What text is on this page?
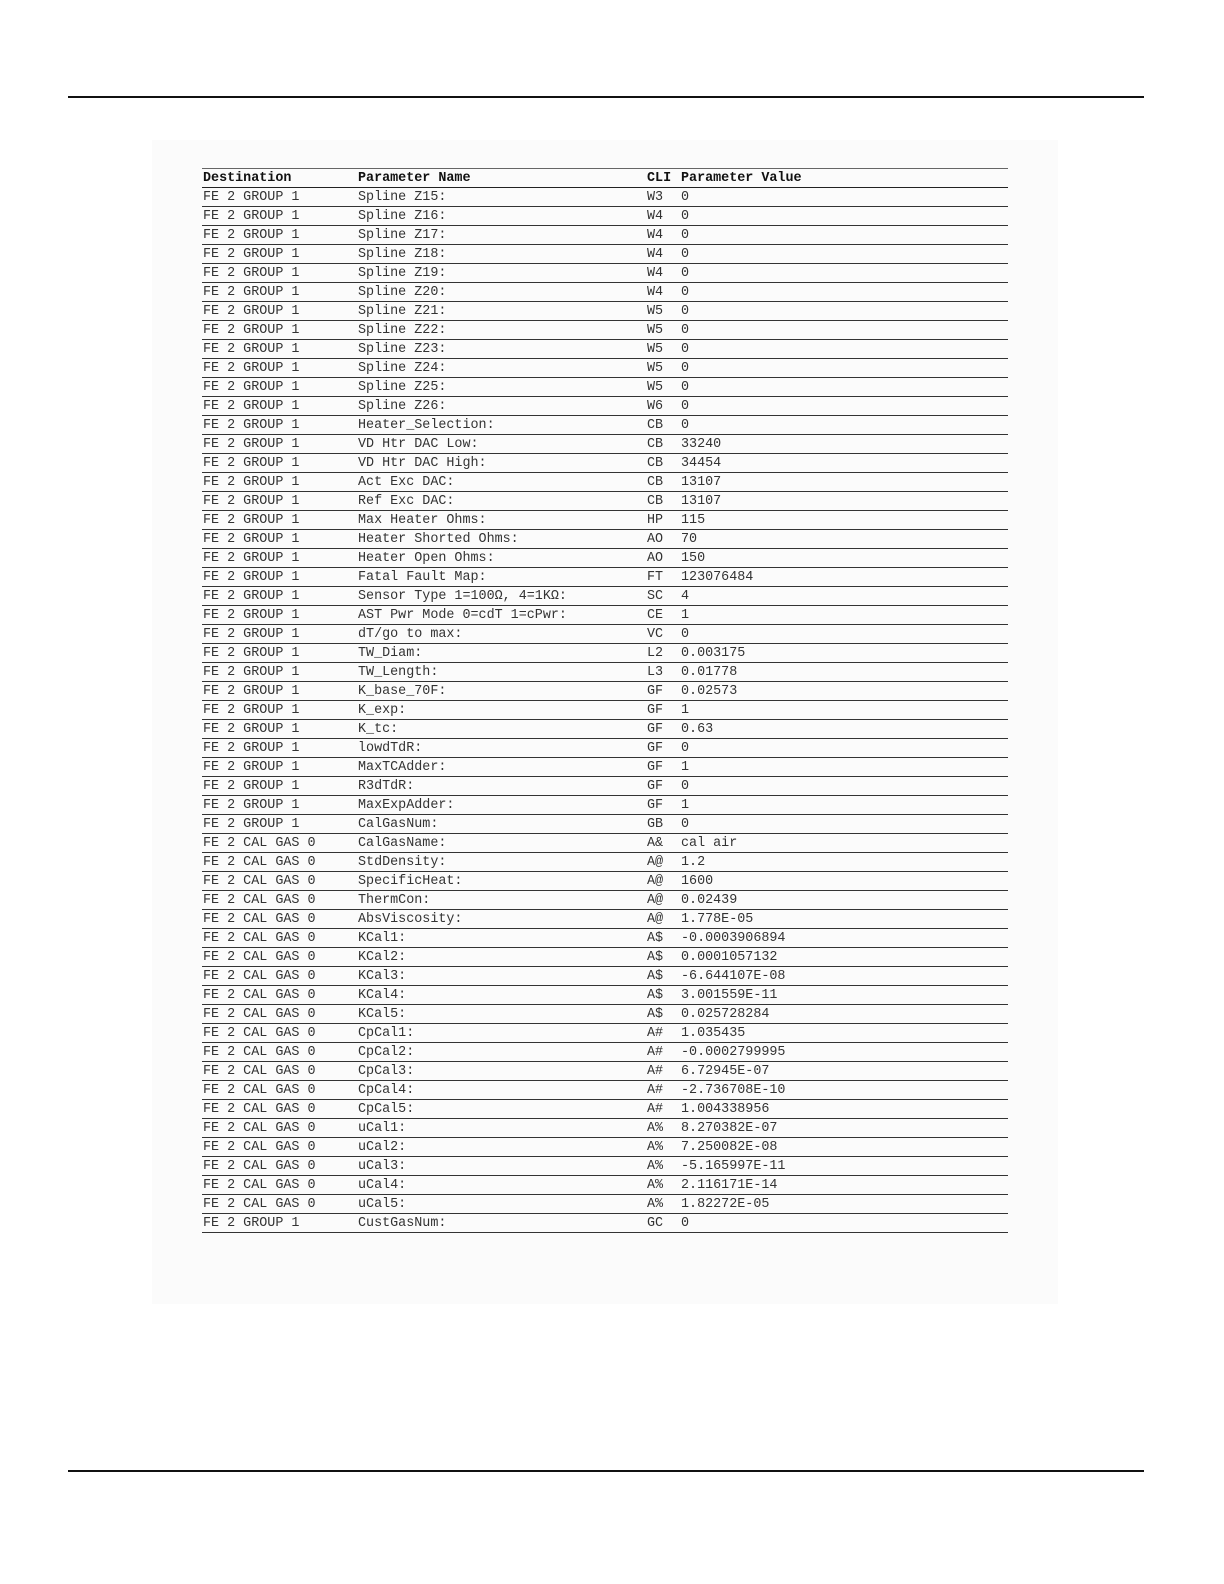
Destination	Parameter Name	CLI	Parameter Value
FE 2 GROUP 1	Spline Z15:	W3	0
FE 2 GROUP 1	Spline Z16:	W4	0
FE 2 GROUP 1	Spline Z17:	W4	0
FE 2 GROUP 1	Spline Z18:	W4	0
FE 2 GROUP 1	Spline Z19:	W4	0
FE 2 GROUP 1	Spline Z20:	W4	0
FE 2 GROUP 1	Spline Z21:	W5	0
FE 2 GROUP 1	Spline Z22:	W5	0
FE 2 GROUP 1	Spline Z23:	W5	0
FE 2 GROUP 1	Spline Z24:	W5	0
FE 2 GROUP 1	Spline Z25:	W5	0
FE 2 GROUP 1	Spline Z26:	W6	0
FE 2 GROUP 1	Heater_Selection:	CB	0
FE 2 GROUP 1	VD Htr DAC Low:	CB	33240
FE 2 GROUP 1	VD Htr DAC High:	CB	34454
FE 2 GROUP 1	Act Exc DAC:	CB	13107
FE 2 GROUP 1	Ref Exc DAC:	CB	13107
FE 2 GROUP 1	Max Heater Ohms:	HP	115
FE 2 GROUP 1	Heater Shorted Ohms:	AO	70
FE 2 GROUP 1	Heater Open Ohms:	AO	150
FE 2 GROUP 1	Fatal Fault Map:	FT	123076484
FE 2 GROUP 1	Sensor Type 1=100Ω, 4=1KΩ:	SC	4
FE 2 GROUP 1	AST Pwr Mode 0=cdT 1=cPwr:	CE	1
FE 2 GROUP 1	dT/go to max:	VC	0
FE 2 GROUP 1	TW_Diam:	L2	0.003175
FE 2 GROUP 1	TW_Length:	L3	0.01778
FE 2 GROUP 1	K_base_70F:	GF	0.02573
FE 2 GROUP 1	K_exp:	GF	1
FE 2 GROUP 1	K_tc:	GF	0.63
FE 2 GROUP 1	lowdTdR:	GF	0
FE 2 GROUP 1	MaxTCAdder:	GF	1
FE 2 GROUP 1	R3dTdR:	GF	0
FE 2 GROUP 1	MaxExpAdder:	GF	1
FE 2 GROUP 1	CalGasNum:	GB	0
FE 2 CAL GAS 0	CalGasName:	A&	cal air
FE 2 CAL GAS 0	StdDensity:	A@	1.2
FE 2 CAL GAS 0	SpecificHeat:	A@	1600
FE 2 CAL GAS 0	ThermCon:	A@	0.02439
FE 2 CAL GAS 0	AbsViscosity:	A@	1.778E-05
FE 2 CAL GAS 0	KCal1:	A$	-0.0003906894
FE 2 CAL GAS 0	KCal2:	A$	0.0001057132
FE 2 CAL GAS 0	KCal3:	A$	-6.644107E-08
FE 2 CAL GAS 0	KCal4:	A$	3.001559E-11
FE 2 CAL GAS 0	KCal5:	A$	0.025728284
FE 2 CAL GAS 0	CpCal1:	A#	1.035435
FE 2 CAL GAS 0	CpCal2:	A#	-0.0002799995
FE 2 CAL GAS 0	CpCal3:	A#	6.72945E-07
FE 2 CAL GAS 0	CpCal4:	A#	-2.736708E-10
FE 2 CAL GAS 0	CpCal5:	A#	1.004338956
FE 2 CAL GAS 0	uCal1:	A%	8.270382E-07
FE 2 CAL GAS 0	uCal2:	A%	7.250082E-08
FE 2 CAL GAS 0	uCal3:	A%	-5.165997E-11
FE 2 CAL GAS 0	uCal4:	A%	2.116171E-14
FE 2 CAL GAS 0	uCal5:	A%	1.82272E-05
FE 2 GROUP 1	CustGasNum:	GC	0
